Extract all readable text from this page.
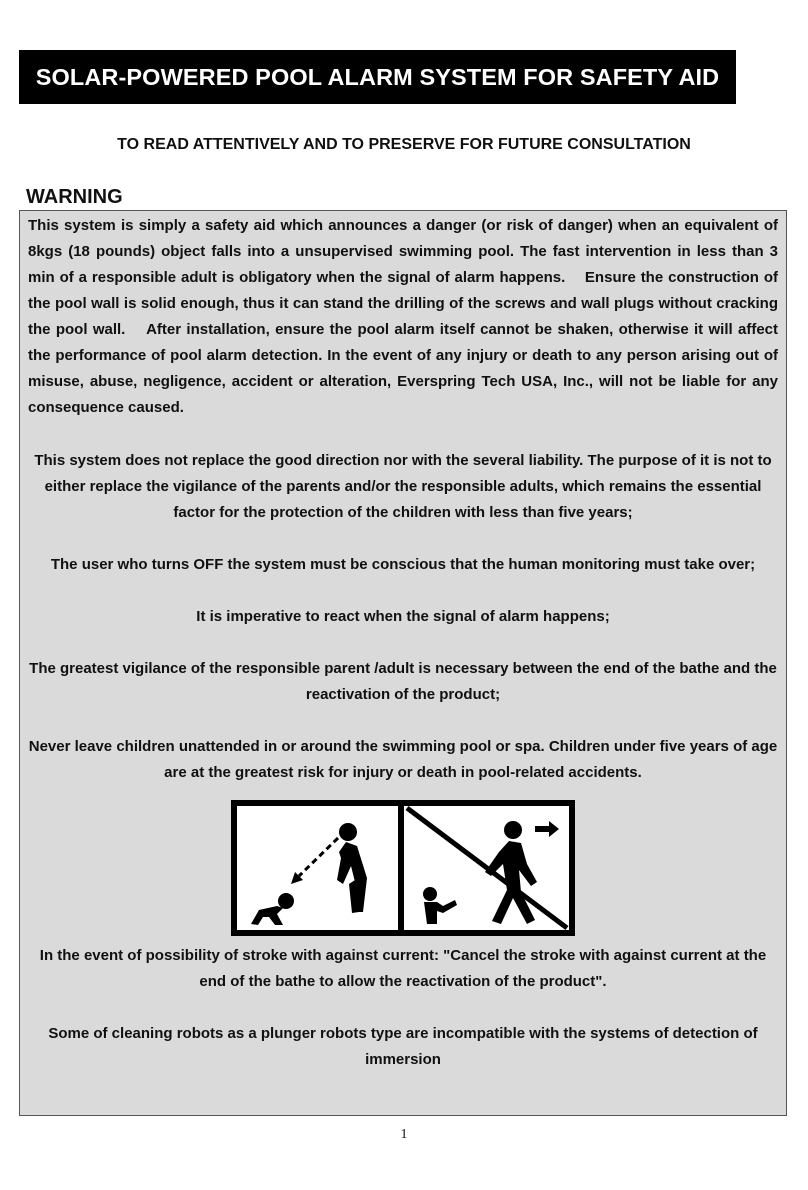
SOLAR-POWERED POOL ALARM SYSTEM FOR SAFETY AID
TO READ ATTENTIVELY AND TO PRESERVE FOR FUTURE CONSULTATION
WARNING

This system is simply a safety aid which announces a danger (or risk of danger) when an equivalent of 8kgs (18 pounds) object falls into a unsupervised swimming pool. The fast intervention in less than 3 min of a responsible adult is obligatory when the signal of alarm happens.    Ensure the construction of the pool wall is solid enough, thus it can stand the drilling of the screws and wall plugs without cracking the pool wall.    After installation, ensure the pool alarm itself cannot be shaken, otherwise it will affect the performance of pool alarm detection. In the event of any injury or death to any person arising out of misuse, abuse, negligence, accident or alteration, Everspring Tech USA, Inc., will not be liable for any consequence caused.

This system does not replace the good direction nor with the several liability. The purpose of it is not to either replace the vigilance of the parents and/or the responsible adults, which remains the essential factor for the protection of the children with less than five years;

The user who turns OFF the system must be conscious that the human monitoring must take over;

It is imperative to react when the signal of alarm happens;

The greatest vigilance of the responsible parent /adult is necessary between the end of the bathe and the reactivation of the product;

Never leave children unattended in or around the swimming pool or spa. Children under five years of age are at the greatest risk for injury or death in pool-related accidents.

In the event of possibility of stroke with against current: "Cancel the stroke with against current at the end of the bathe to allow the reactivation of the product".

Some of cleaning robots as a plunger robots type are incompatible with the systems of detection of immersion

1
